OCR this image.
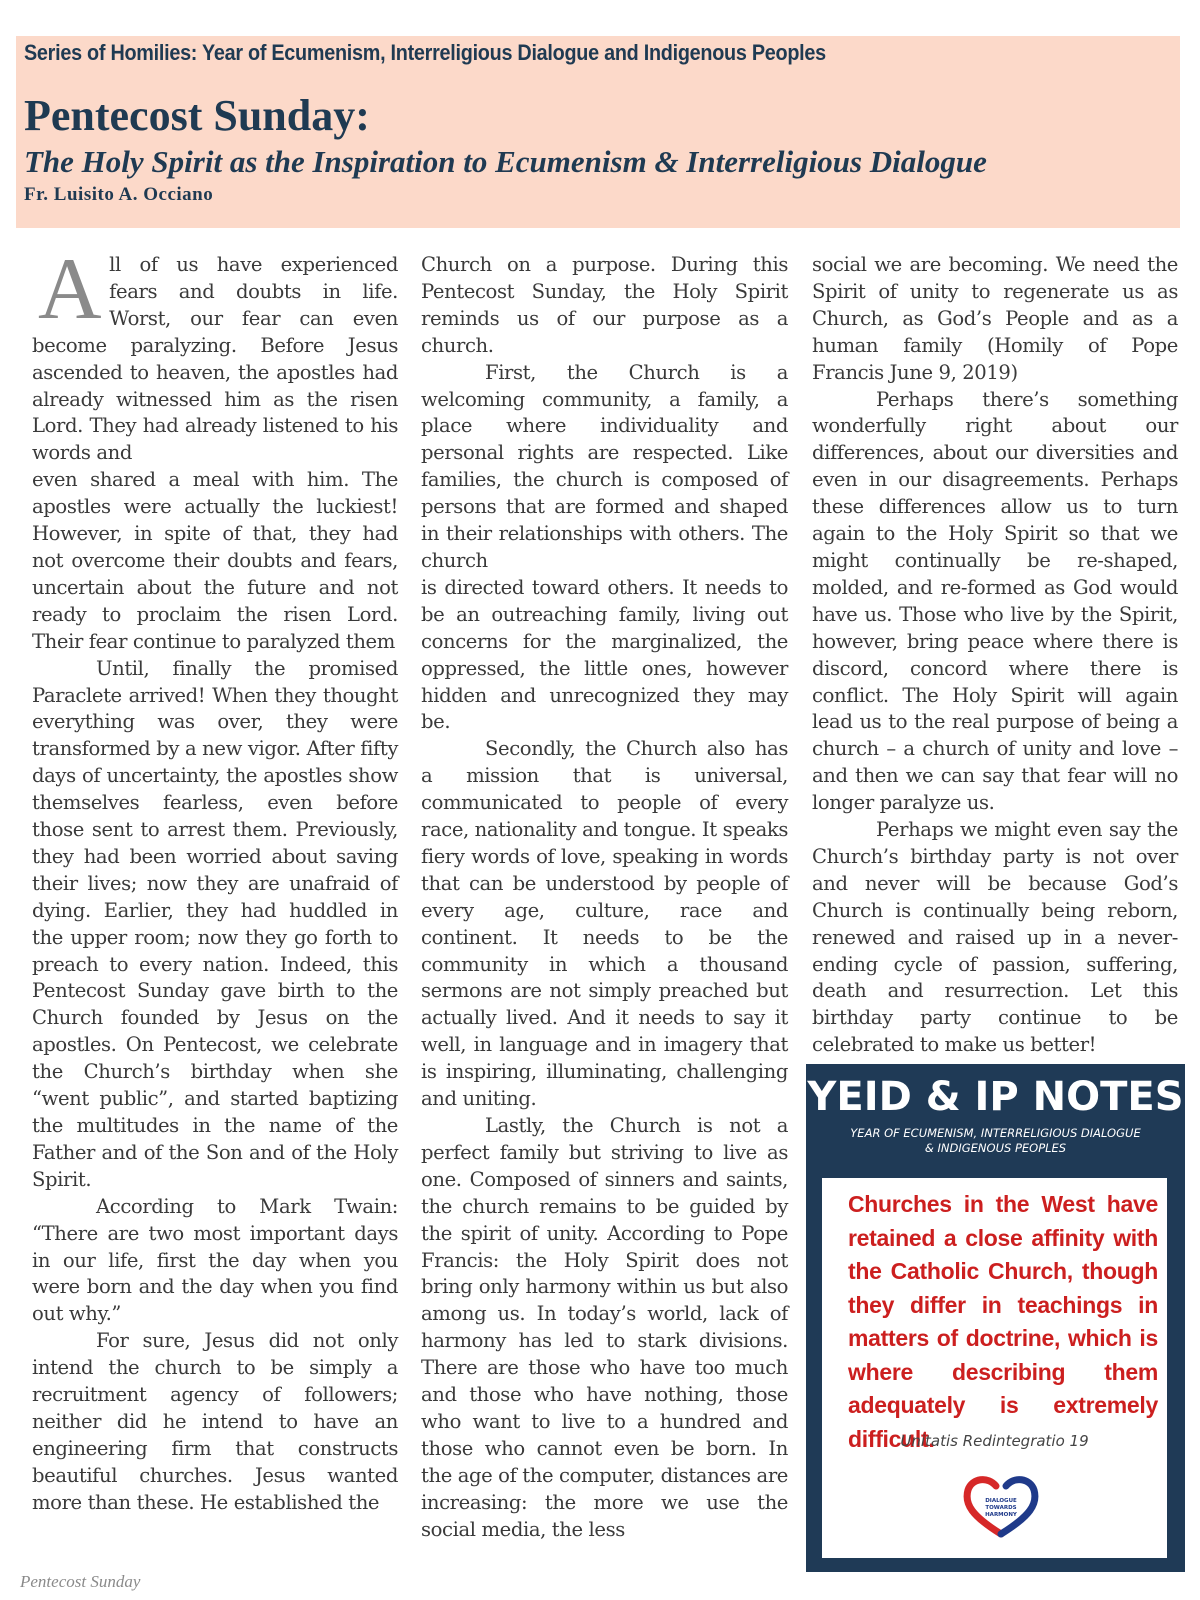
Series of Homilies: Year of Ecumenism, Interreligious Dialogue and Indigenous Peoples
Pentecost Sunday:
The Holy Spirit as the Inspiration to Ecumenism & Interreligious Dialogue
Fr. Luisito A. Occiano

All of us have experienced fears and doubts in life. Worst, our fear can even become paralyzing. Before Jesus ascended to heaven, the apostles had already witnessed him as the risen Lord. They had already listened to his words and

even shared a meal with him. The apostles were actually the luckiest! However, in spite of that, they had not overcome their doubts and fears, uncertain about the future and not ready to proclaim the risen Lord. Their fear continue to paralyzed them

Until, finally the promised Paraclete arrived! When they thought everything was over, they were transformed by a new vigor. After fifty days of uncertainty, the apostles show themselves fearless, even before those sent to arrest them. Previously, they had been worried about saving their lives; now they are unafraid of dying. Earlier, they had huddled in the upper room; now they go forth to preach to every nation. Indeed, this Pentecost Sunday gave birth to the Church founded by Jesus on the apostles. On Pentecost, we celebrate the Church’s birthday when she “went public”, and started baptizing the multitudes in the name of the Father and of the Son and of the Holy Spirit.

According to Mark Twain: “There are two most important days in our life, first the day when you were born and the day when you find out why.”

For sure, Jesus did not only intend the church to be simply a recruitment agency of followers; neither did he intend to have an engineering firm that constructs beautiful churches. Jesus wanted more than these. He established the

Church on a purpose. During this Pentecost Sunday, the Holy Spirit reminds us of our purpose as a church.

First, the Church is a welcoming community, a family, a place where individuality and personal rights are respected. Like families, the church is composed of persons that are formed and shaped in their relationships with others. The church

is directed toward others. It needs to be an outreaching family, living out concerns for the marginalized, the oppressed, the little ones, however hidden and unrecognized they may be.

Secondly, the Church also has a mission that is universal, communicated to people of every race, nationality and tongue. It speaks fiery words of love, speaking in words that can be understood by people of every age, culture, race and continent. It needs to be the community in which a thousand sermons are not simply preached but actually lived. And it needs to say it well, in language and in imagery that is inspiring, illuminating, challenging and uniting.

Lastly, the Church is not a perfect family but striving to live as one. Composed of sinners and saints, the church remains to be guided by the spirit of unity. According to Pope Francis: the Holy Spirit does not bring only harmony within us but also among us. In today’s world, lack of harmony has led to stark divisions. There are those who have too much and those who have nothing, those who want to live to a hundred and those who cannot even be born. In the age of the computer, distances are increasing: the more we use the social media, the less

social we are becoming. We need the Spirit of unity to regenerate us as Church, as God’s People and as a human family (Homily of Pope Francis June 9, 2019)

Perhaps there’s something wonderfully right about our differences, about our diversities and even in our disagreements. Perhaps these differences allow us to turn again to the Holy Spirit so that we might continually be re-shaped, molded, and re-formed as God would have us. Those who live by the Spirit, however, bring peace where there is discord, concord where there is conflict. The Holy Spirit will again lead us to the real purpose of being a church – a church of unity and love – and then we can say that fear will no longer paralyze us.

Perhaps we might even say the Church’s birthday party is not over and never will be because God’s Church is continually being reborn, renewed and raised up in a never-ending cycle of passion, suffering, death and resurrection. Let this birthday party continue to be celebrated to make us better!

YEID & IP NOTES
YEAR OF ECUMENISM, INTERRELIGIOUS DIALOGUE
& INDIGENOUS PEOPLES
Churches in the West have retained a close affinity with the Catholic Church, though they differ in teachings in matters of doctrine, which is where describing them adequately is extremely difficult.
Unitatis Redintegratio 19
DIALOGUE
TOWARDS
HARMONY
Pentecost Sunday
